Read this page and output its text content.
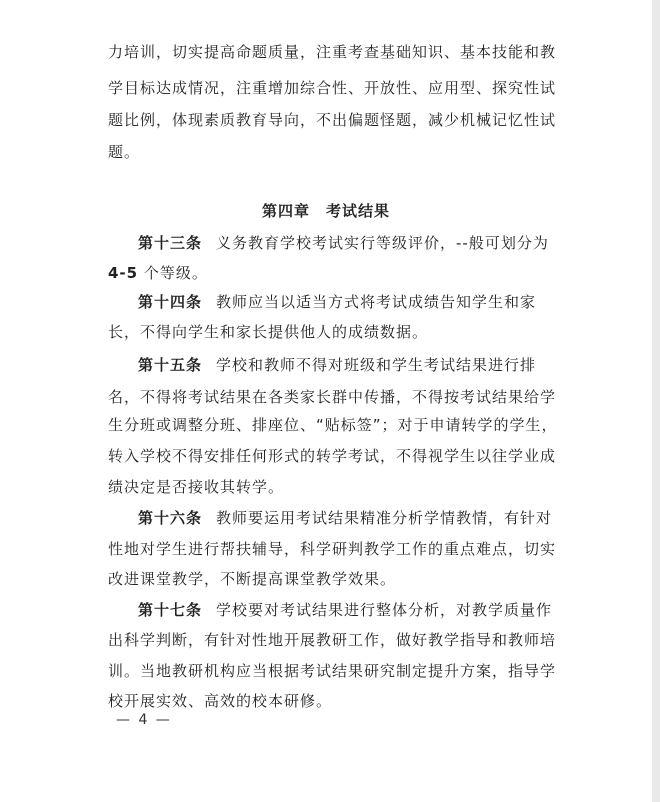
力培训，切实提高命题质量，注重考查基础知识、基本技能和教
学目标达成情况，注重增加综合性、开放性、应用型、探究性试
题比例，体现素质教育导向，不出偏题怪题，减少机械记忆性试
题。
第四章　考试结果
第十三条 义务教育学校考试实行等级评价，--般可划分为
4-5 个等级。
第十四条 教师应当以适当方式将考试成绩告知学生和家
长，不得向学生和家长提供他人的成绩数据。
第十五条 学校和教师不得对班级和学生考试结果进行排
名，不得将考试结果在各类家长群中传播，不得按考试结果给学
生分班或调整分班、排座位、“贴标签”；对于申请转学的学生，
转入学校不得安排任何形式的转学考试，不得视学生以往学业成
绩决定是否接收其转学。
第十六条 教师要运用考试结果精准分析学情教情，有针对
性地对学生进行帮扶辅导，科学研判教学工作的重点难点，切实
改进课堂教学，不断提高课堂教学效果。
第十七条 学校要对考试结果进行整体分析，对教学质量作
出科学判断，有针对性地开展教研工作，做好教学指导和教师培
训。当地教研机构应当根据考试结果研究制定提升方案，指导学
校开展实效、高效的校本研修。
— 4 —
